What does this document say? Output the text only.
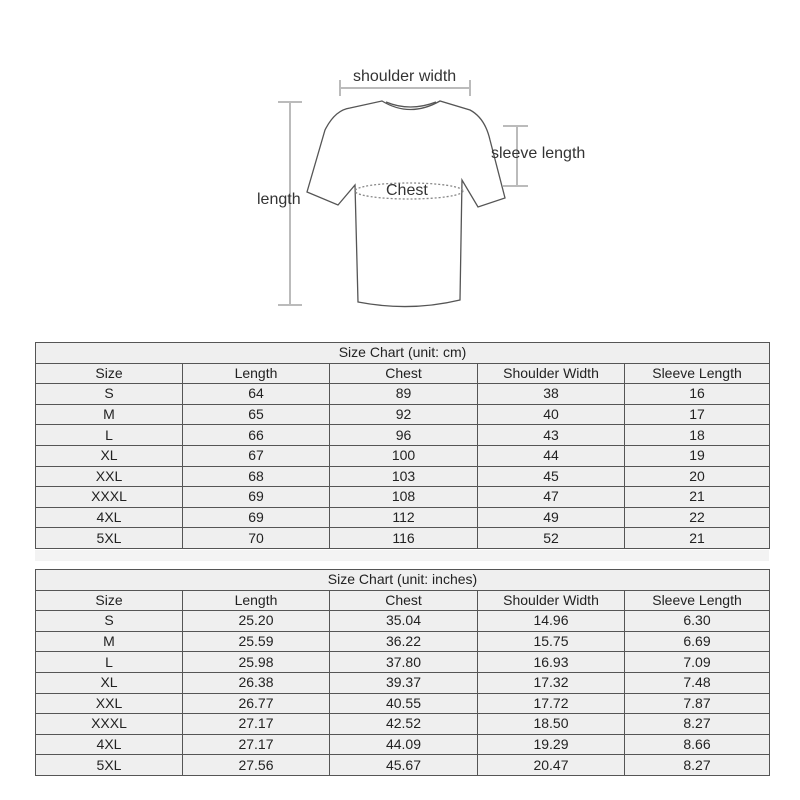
shoulder width
sleeve length
length
Chest
Size Chart (unit: cm)				
Size	Length	Chest	Shoulder Width	Sleeve Length
S	64	89	38	16
M	65	92	40	17
L	66	96	43	18
XL	67	100	44	19
XXL	68	103	45	20
XXXL	69	108	47	21
4XL	69	112	49	22
5XL	70	116	52	21
Size Chart (unit: inches)				
Size	Length	Chest	Shoulder Width	Sleeve Length
S	25.20	35.04	14.96	6.30
M	25.59	36.22	15.75	6.69
L	25.98	37.80	16.93	7.09
XL	26.38	39.37	17.32	7.48
XXL	26.77	40.55	17.72	7.87
XXXL	27.17	42.52	18.50	8.27
4XL	27.17	44.09	19.29	8.66
5XL	27.56	45.67	20.47	8.27
